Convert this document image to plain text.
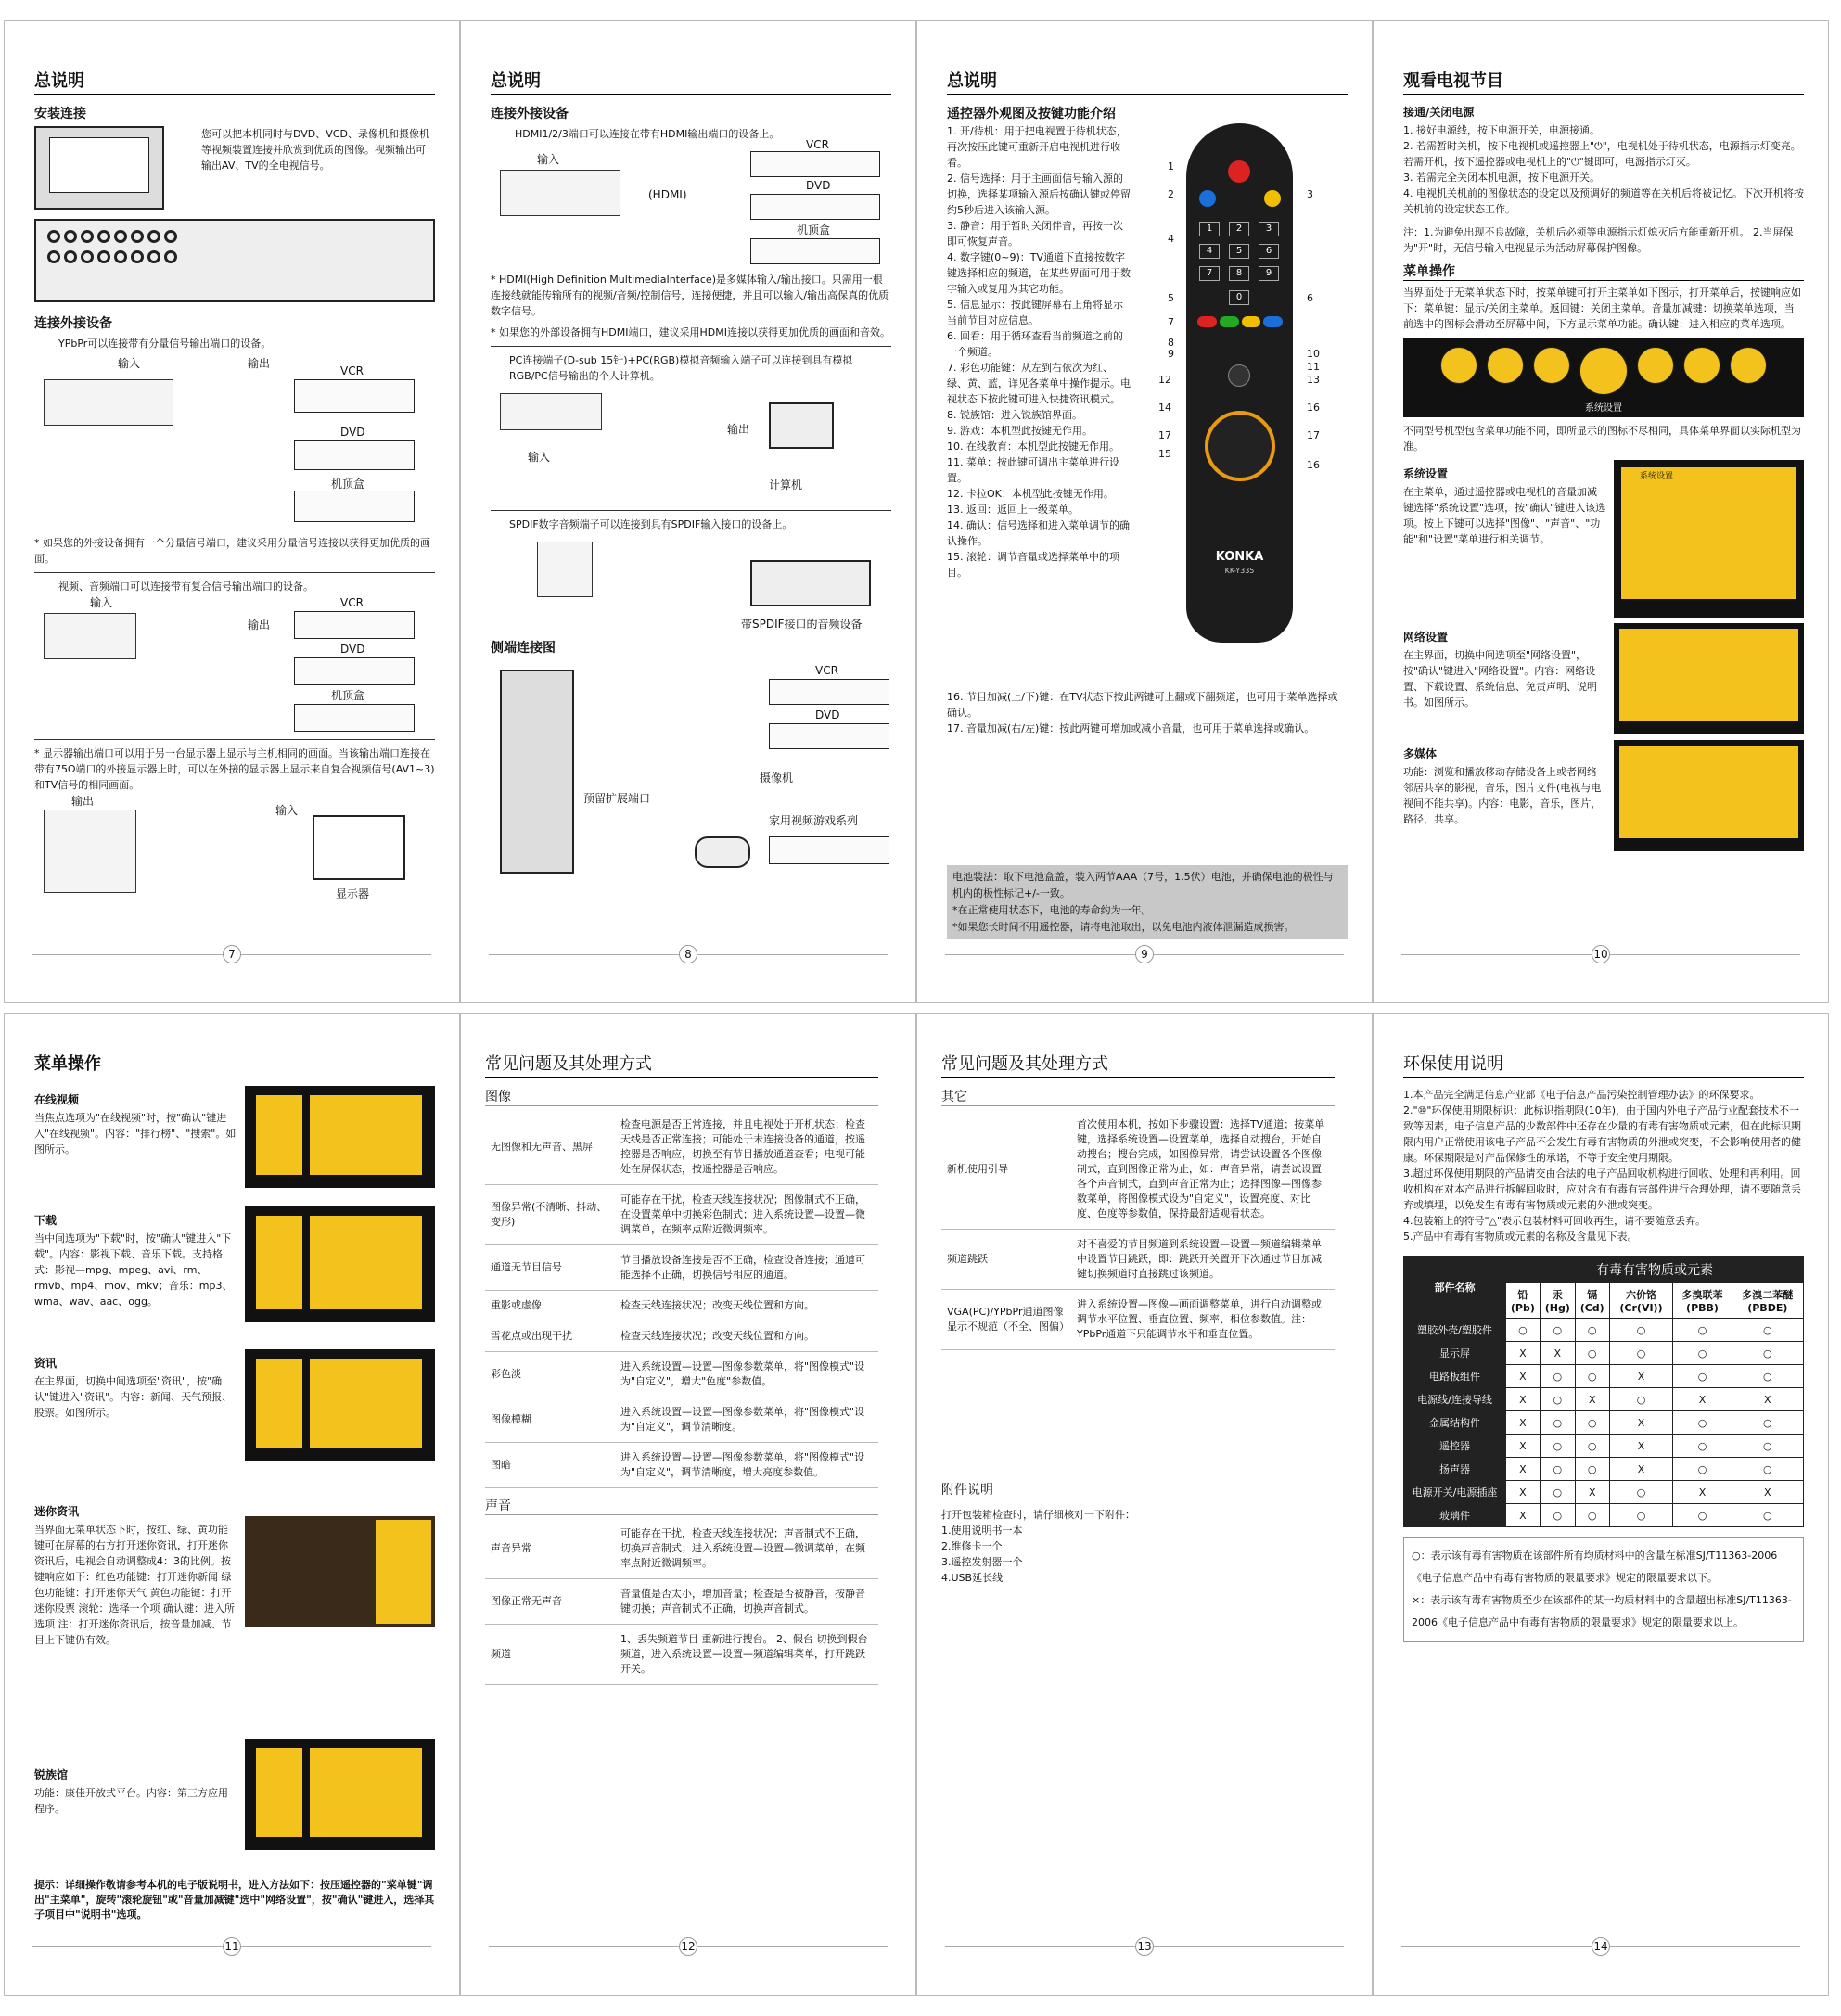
总说明
安装连接
您可以把本机同时与DVD、VCD、录像机和摄像机等视频装置连接并欣赏到优质的图像。视频输出可输出AV、TV的全电视信号。

连接外接设备
YPbPr可以连接带有分量信号输出端口的设备。
输入	输出
VCR
DVD
机顶盒
* 如果您的外接设备拥有一个分量信号端口，建议采用分量信号连接以获得更加优质的画面。
视频、音频端口可以连接带有复合信号输出端口的设备。
输入
输出
VCR
DVD
机顶盒
* 显示器输出端口可以用于另一台显示器上显示与主机相同的画面。当该输出端口连接在带有75Ω端口的外接显示器上时，可以在外接的显示器上显示来自复合视频信号(AV1~3)和TV信号的相同画面。
输出
输入
显示器
7
总说明
连接外接设备
HDMI1/2/3端口可以连接在带有HDMI输出端口的设备上。
输入
(HDMI)
VCR
DVD
机顶盒
* HDMI(High Definition MultimediaInterface)是多媒体输入/输出接口。只需用一根连接线就能传输所有的视频/音频/控制信号，连接便捷，并且可以输入/输出高保真的优质数字信号。
* 如果您的外部设备拥有HDMI端口，建议采用HDMI连接以获得更加优质的画面和音效。
PC连接端子(D-sub 15针)+PC(RGB)模拟音频输入端子可以连接到具有模拟RGB/PC信号输出的个人计算机。
输入
输出
计算机
SPDIF数字音频端子可以连接到具有SPDIF输入接口的设备上。
带SPDIF接口的音频设备
侧端连接图
VCR
DVD
摄像机
预留扩展端口
家用视频游戏系列
8
总说明
遥控器外观图及按键功能介绍
1. 开/待机：用于把电视置于待机状态，再次按压此键可重新开启电视机进行收看。
2. 信号选择：用于主画面信号输入源的切换，选择某项输入源后按确认键或停留约5秒后进入该输入源。
3. 静音：用于暂时关闭伴音，再按一次即可恢复声音。
4. 数字键(0~9)：TV通道下直接按数字键选择相应的频道，在某些界面可用于数字输入或复用为其它功能。
5. 信息显示：按此键屏幕右上角将显示当前节目对应信息。
6. 回看：用于循环查看当前频道之前的一个频道。
7. 彩色功能键：从左到右依次为红、绿、黄、蓝，详见各菜单中操作提示。电视状态下按此键可进入快捷资讯模式。
8. 锐族馆：进入锐族馆界面。
9. 游戏：本机型此按键无作用。
10. 在线教育：本机型此按键无作用。
11. 菜单：按此键可调出主菜单进行设置。
12. 卡拉OK：本机型此按键无作用。
13. 返回：返回上一级菜单。
14. 确认：信号选择和进入菜单调节的确认操作。
15. 滚轮：调节音量或选择菜单中的项目。
16. 节目加减(上/下)键：在TV状态下按此两键可上翻或下翻频道，也可用于菜单选择或确认。
17. 音量加减(右/左)键：按此两键可增加或减小音量，也可用于菜单选择或确认。
1	2	3
4	5	6
7	8	9
0
KONKA
KK-Y335
1
2	3
4
5	6
7
8
9	10
11
12	13
14	16
17	17
15
16
电池装法：取下电池盒盖，装入两节AAA（7号，1.5伏）电池，并确保电池的极性与机内的极性标记+/-一致。
*在正常使用状态下，电池的寿命约为一年。
*如果您长时间不用遥控器，请将电池取出，以免电池内液体泄漏造成损害。
9
观看电视节目
接通/关闭电源
1. 接好电源线，按下电源开关，电源接通。
2. 若需暂时关机，按下电视机或遥控器上"⏻"，电视机处于待机状态，电源指示灯变亮。若需开机，按下遥控器或电视机上的"⏻"键即可，电源指示灯灭。
3. 若需完全关闭本机电源，按下电源开关。
4. 电视机关机前的图像状态的设定以及预调好的频道等在关机后将被记忆。下次开机将按关机前的设定状态工作。
注：1.为避免出现不良故障，关机后必须等电源指示灯熄灭后方能重新开机。 2.当屏保为"开"时，无信号输入电视显示为活动屏幕保护图像。
菜单操作
当界面处于无菜单状态下时，按菜单键可打开主菜单如下图示，打开菜单后，按键响应如下：菜单键：显示/关闭主菜单。返回键：关闭主菜单。音量加减键：切换菜单选项，当前选中的图标会滑动至屏幕中间，下方显示菜单功能。确认键：进入相应的菜单选项。
系统设置
不同型号机型包含菜单功能不同，即所显示的图标不尽相同，具体菜单界面以实际机型为准。
系统设置
在主菜单，通过遥控器或电视机的音量加减键选择"系统设置"选项，按"确认"键进入该选项。按上下键可以选择"图像"、"声音"、"功能"和"设置"菜单进行相关调节。
系统设置
网络设置
在主界面，切换中间选项至"网络设置"，按"确认"键进入"网络设置"。内容：网络设置、下载设置、系统信息、免责声明、说明书。如图所示。
多媒体
功能：浏览和播放移动存储设备上或者网络邻居共享的影视，音乐，图片文件(电视与电视间不能共享)。内容：电影，音乐，图片，路径，共享。
10
菜单操作
在线视频
当焦点选项为"在线视频"时，按"确认"键进入"在线视频"。内容："排行榜"、"搜索"。如图所示。
下载
当中间选项为"下载"时，按"确认"键进入"下载"。内容：影视下载、音乐下载。支持格式：影视—mpg、mpeg、avi、rm、rmvb、mp4、mov、mkv；音乐：mp3、wma、wav、aac、ogg。
资讯
在主界面，切换中间选项至"资讯"，按"确认"键进入"资讯"。内容：新闻、天气预报、股票。如图所示。
迷你资讯
当界面无菜单状态下时，按红、绿、黄功能键可在屏幕的右方打开迷你资讯，打开迷你资讯后，电视会自动调整成4：3的比例。按键响应如下：红色功能键：打开迷你新闻 绿色功能键：打开迷你天气 黄色功能键：打开迷你股票 滚轮：选择一个项 确认键：进入所选项 注：打开迷你资讯后，按音量加减、节目上下键仍有效。
锐族馆
功能：康佳开放式平台。内容：第三方应用程序。
提示：详细操作敬请参考本机的电子版说明书，进入方法如下：按压遥控器的"菜单键"调出"主菜单"，旋转"滚轮旋钮"或"音量加减键"选中"网络设置"，按"确认"键进入，选择其子项目中"说明书"选项。
11
常见问题及其处理方式
图像
无图像和无声音、黑屏	检查电源是否正常连接，并且电视处于开机状态；检查天线是否正常连接；可能处于未连接设备的通道，按遥控器是否响应，切换至有节目播放通道查看；电视可能处在屏保状态，按遥控器是否响应。
图像异常(不清晰、抖动、变形)	可能存在干扰，检查天线连接状况；图像制式不正确，在设置菜单中切换彩色制式；进入系统设置—设置—微调菜单，在频率点附近微调频率。
通道无节目信号	节目播放设备连接是否不正确，检查设备连接；通道可能选择不正确，切换信号相应的通道。
重影或虚像	检查天线连接状况；改变天线位置和方向。
雪花点或出现干扰	检查天线连接状况；改变天线位置和方向。
彩色淡	进入系统设置—设置—图像参数菜单，将"图像模式"设为"自定义"，增大"色度"参数值。
图像模糊	进入系统设置—设置—图像参数菜单，将"图像模式"设为"自定义"，调节清晰度。
图暗	进入系统设置—设置—图像参数菜单，将"图像模式"设为"自定义"，调节清晰度，增大亮度参数值。
声音
声音异常	可能存在干扰，检查天线连接状况；声音制式不正确，切换声音制式；进入系统设置—设置—微调菜单，在频率点附近微调频率。
图像正常无声音	音量值是否太小，增加音量；检查是否被静音，按静音键切换；声音制式不正确，切换声音制式。
频道	1、丢失频道节目 重新进行搜台。 2、假台 切换到假台频道，进入系统设置—设置—频道编辑菜单，打开跳跃开关。
12
常见问题及其处理方式
其它
新机使用引导	首次使用本机，按如下步骤设置：选择TV通道；按菜单键，选择系统设置—设置菜单，选择自动搜台，开始自动搜台；搜台完成，如图像异常，请尝试设置各个图像制式，直到图像正常为止，如：声音异常，请尝试设置各个声音制式，直到声音正常为止；选择图像—图像参数菜单，将图像模式设为"自定义"，设置亮度、对比度、色度等参数值，保持最舒适观看状态。
频道跳跃	对不喜爱的节目频道到系统设置—设置—频道编辑菜单中设置节目跳跃，即：跳跃开关置开下次通过节目加减键切换频道时直接跳过该频道。
VGA(PC)/YPbPr通道图像显示不规范（不全、图偏）	进入系统设置—图像—画面调整菜单，进行自动调整或调节水平位置、垂直位置、频率、相位参数值。注：YPbPr通道下只能调节水平和垂直位置。
附件说明
打开包装箱检查时，请仔细核对一下附件：
1.使用说明书一本
2.维修卡一个
3.遥控发射器一个
4.USB延长线
13
环保使用说明
1.本产品完全满足信息产业部《电子信息产品污染控制管理办法》的环保要求。
2."⑩"环保使用期限标识：此标识指期限(10年)，由于国内外电子产品行业配套技术不一致等因素，电子信息产品的少数部件中还存在少量的有毒有害物质或元素，但在此标识期限内用户正常使用该电子产品不会发生有毒有害物质的外泄或突变，不会影响使用者的健康。环保期限是对产品保修性的承诺，不等于安全使用期限。
3.超过环保使用期限的产品请交由合法的电子产品回收机构进行回收、处理和再利用。回收机构在对本产品进行拆解回收时，应对含有有毒有害部件进行合理处理，请不要随意丢弃或填埋，以免发生有毒有害物质或元素的外泄或突变。
4.包装箱上的符号"△"表示包装材料可回收再生，请不要随意丢弃。
5.产品中有毒有害物质或元素的名称及含量见下表。
部件名称	有毒有害物质或元素					
	铅(Pb)	汞(Hg)	镉(Cd)	六价铬(Cr(VI))	多溴联苯(PBB)	多溴二苯醚(PBDE)
塑胶外壳/塑胶件	○	○	○	○	○	○
显示屏	X	X	○	○	○	○
电路板组件	X	○	○	X	○	○
电源线/连接导线	X	○	X	○	X	X
金属结构件	X	○	○	X	○	○
遥控器	X	○	○	X	○	○
扬声器	X	○	○	X	○	○
电源开关/电源插座	X	○	X	○	X	X
玻璃件	X	○	○	○	○	○
○：表示该有毒有害物质在该部件所有均质材料中的含量在标准SJ/T11363-2006《电子信息产品中有毒有害物质的限量要求》规定的限量要求以下。
×：表示该有毒有害物质至少在该部件的某一均质材料中的含量超出标准SJ/T11363-2006《电子信息产品中有毒有害物质的限量要求》规定的限量要求以上。
14
